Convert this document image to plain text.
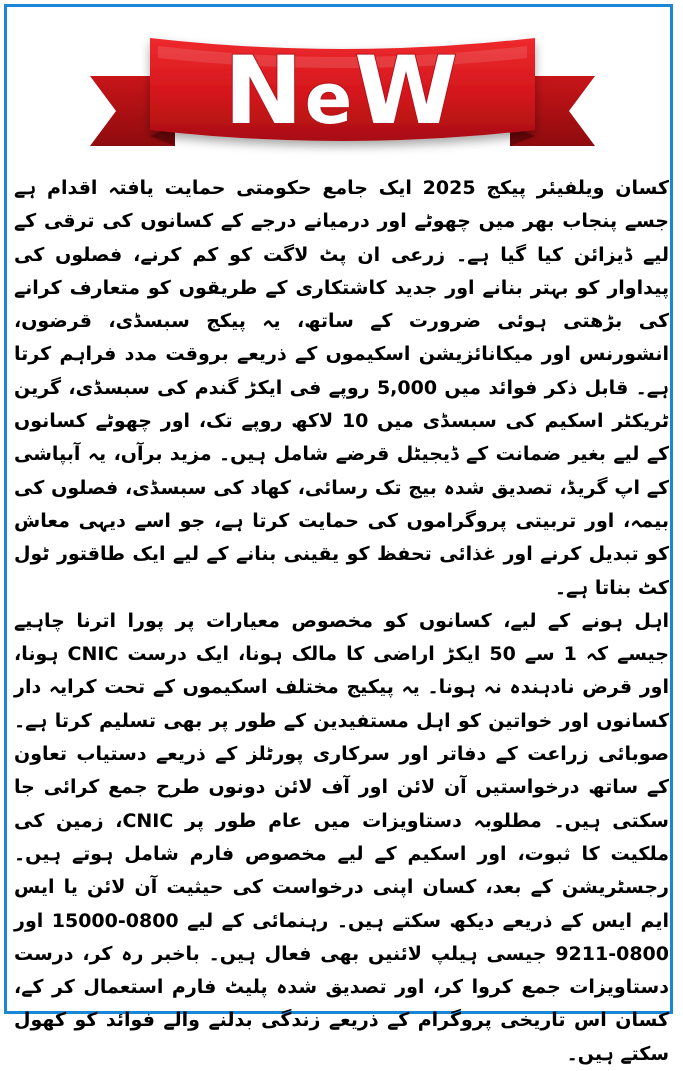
NeW

کسان ویلفیئر پیکج 2025 ایک جامع حکومتی حمایت یافتہ اقدام ہے جسے پنجاب بھر میں چھوٹے اور درمیانے درجے کے کسانوں کی ترقی کے لیے ڈیزائن کیا گیا ہے۔ زرعی ان پٹ لاگت کو کم کرنے، فصلوں کی پیداوار کو بہتر بنانے اور جدید کاشتکاری کے طریقوں کو متعارف کرانے کی بڑھتی ہوئی ضرورت کے ساتھ، یہ پیکج سبسڈی، قرضوں، انشورنس اور میکانائزیشن اسکیموں کے ذریعے بروقت مدد فراہم کرتا ہے۔ قابل ذکر فوائد میں 5,000 روپے فی ایکڑ گندم کی سبسڈی، گرین ٹریکٹر اسکیم کی سبسڈی میں 10 لاکھ روپے تک، اور چھوٹے کسانوں کے لیے بغیر ضمانت کے ڈیجیٹل قرضے شامل ہیں۔ مزید برآں، یہ آبپاشی کے اپ گریڈ، تصدیق شدہ بیج تک رسائی، کھاد کی سبسڈی، فصلوں کی بیمہ، اور تربیتی پروگراموں کی حمایت کرتا ہے، جو اسے دیہی معاش کو تبدیل کرنے اور غذائی تحفظ کو یقینی بنانے کے لیے ایک طاقتور ٹول کٹ بناتا ہے۔

اہل ہونے کے لیے، کسانوں کو مخصوص معیارات پر پورا اترنا چاہیے جیسے کہ 1 سے 50 ایکڑ اراضی کا مالک ہونا، ایک درست CNIC ہونا، اور قرض نادہندہ نہ ہونا۔ یہ پیکیج مختلف اسکیموں کے تحت کرایہ دار کسانوں اور خواتین کو اہل مستفیدین کے طور پر بھی تسلیم کرتا ہے۔ صوبائی زراعت کے دفاتر اور سرکاری پورٹلز کے ذریعے دستیاب تعاون کے ساتھ درخواستیں آن لائن اور آف لائن دونوں طرح جمع کرائی جا سکتی ہیں۔ مطلوبہ دستاویزات میں عام طور پر CNIC، زمین کی ملکیت کا ثبوت، اور اسکیم کے لیے مخصوص فارم شامل ہوتے ہیں۔ رجسٹریشن کے بعد، کسان اپنی درخواست کی حیثیت آن لائن یا ایس ایم ایس کے ذریعے دیکھ سکتے ہیں۔ رہنمائی کے لیے 0800-15000 اور 0800-9211 جیسی ہیلپ لائنیں بھی فعال ہیں۔ باخبر رہ کر، درست دستاویزات جمع کروا کر، اور تصدیق شدہ پلیٹ فارم استعمال کر کے، کسان اس تاریخی پروگرام کے ذریعے زندگی بدلنے والے فوائد کو کھول سکتے ہیں۔
